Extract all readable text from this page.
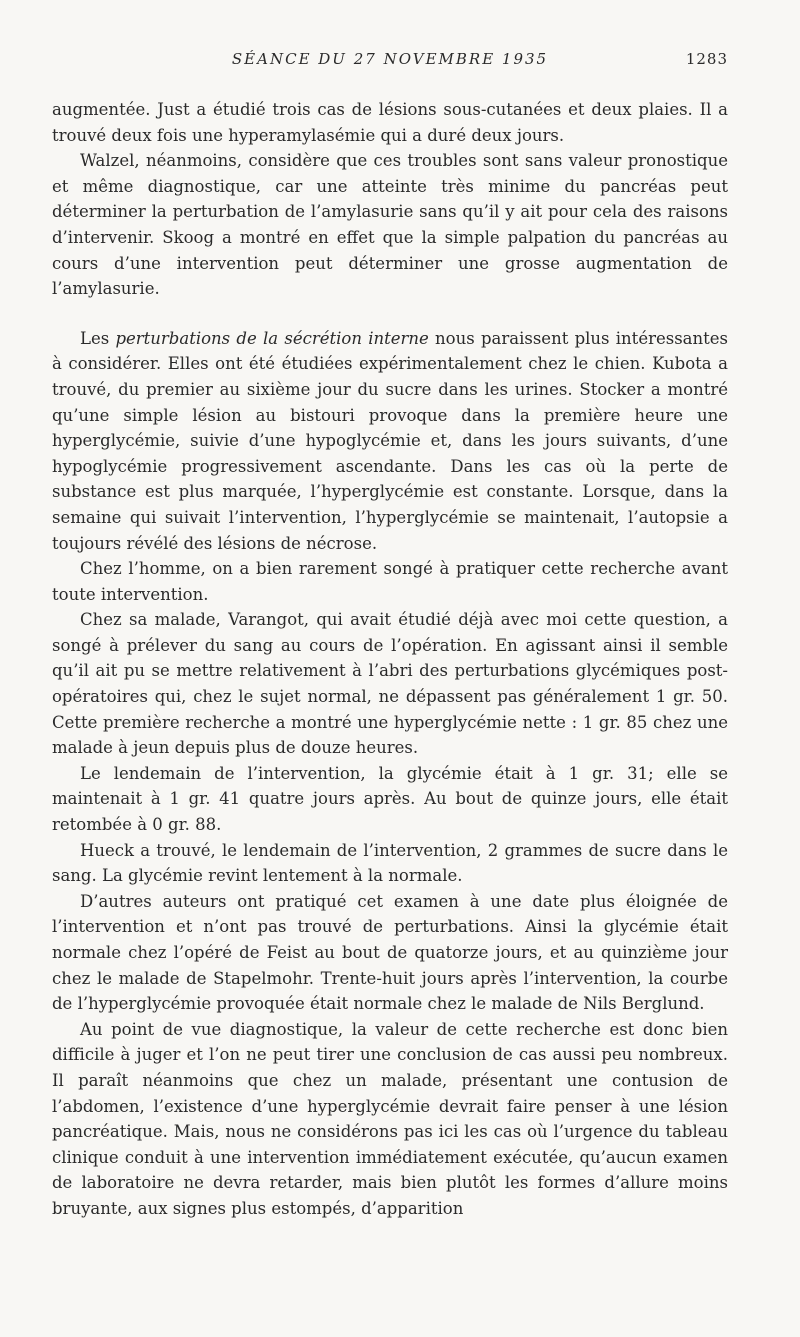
SÉANCE DU 27 NOVEMBRE 1935	1283

augmentée. Just a étudié trois cas de lésions sous-cutanées et deux plaies. Il a trouvé deux fois une hyperamylasémie qui a duré deux jours.

Walzel, néanmoins, considère que ces troubles sont sans valeur pronostique et même diagnostique, car une atteinte très minime du pancréas peut déterminer la perturbation de l’amylasurie sans qu’il y ait pour cela des raisons d’intervenir. Skoog a montré en effet que la simple palpation du pancréas au cours d’une intervention peut déterminer une grosse augmentation de l’amylasurie.

Les perturbations de la sécrétion interne nous paraissent plus intéressantes à considérer. Elles ont été étudiées expérimentalement chez le chien. Kubota a trouvé, du premier au sixième jour du sucre dans les urines. Stocker a montré qu’une simple lésion au bistouri provoque dans la première heure une hyperglycémie, suivie d’une hypoglycémie et, dans les jours suivants, d’une hypoglycémie progressivement ascendante. Dans les cas où la perte de substance est plus marquée, l’hyperglycémie est constante. Lorsque, dans la semaine qui suivait l’intervention, l’hyperglycémie se maintenait, l’autopsie a toujours révélé des lésions de nécrose.

Chez l’homme, on a bien rarement songé à pratiquer cette recherche avant toute intervention.

Chez sa malade, Varangot, qui avait étudié déjà avec moi cette question, a songé à prélever du sang au cours de l’opération. En agissant ainsi il semble qu’il ait pu se mettre relativement à l’abri des perturbations glycémiques post-opératoires qui, chez le sujet normal, ne dépassent pas généralement 1 gr. 50. Cette première recherche a montré une hyperglycémie nette : 1 gr. 85 chez une malade à jeun depuis plus de douze heures.

Le lendemain de l’intervention, la glycémie était à 1 gr. 31; elle se maintenait à 1 gr. 41 quatre jours après. Au bout de quinze jours, elle était retombée à 0 gr. 88.

Hueck a trouvé, le lendemain de l’intervention, 2 grammes de sucre dans le sang. La glycémie revint lentement à la normale.

D’autres auteurs ont pratiqué cet examen à une date plus éloignée de l’intervention et n’ont pas trouvé de perturbations. Ainsi la glycémie était normale chez l’opéré de Feist au bout de quatorze jours, et au quinzième jour chez le malade de Stapelmohr. Trente-huit jours après l’intervention, la courbe de l’hyperglycémie provoquée était normale chez le malade de Nils Berglund.

Au point de vue diagnostique, la valeur de cette recherche est donc bien difficile à juger et l’on ne peut tirer une conclusion de cas aussi peu nombreux. Il paraît néanmoins que chez un malade, présentant une contusion de l’abdomen, l’existence d’une hyperglycémie devrait faire penser à une lésion pancréatique. Mais, nous ne considérons pas ici les cas où l’urgence du tableau clinique conduit à une intervention immédiatement exécutée, qu’aucun examen de laboratoire ne devra retarder, mais bien plutôt les formes d’allure moins bruyante, aux signes plus estompés, d’apparition
